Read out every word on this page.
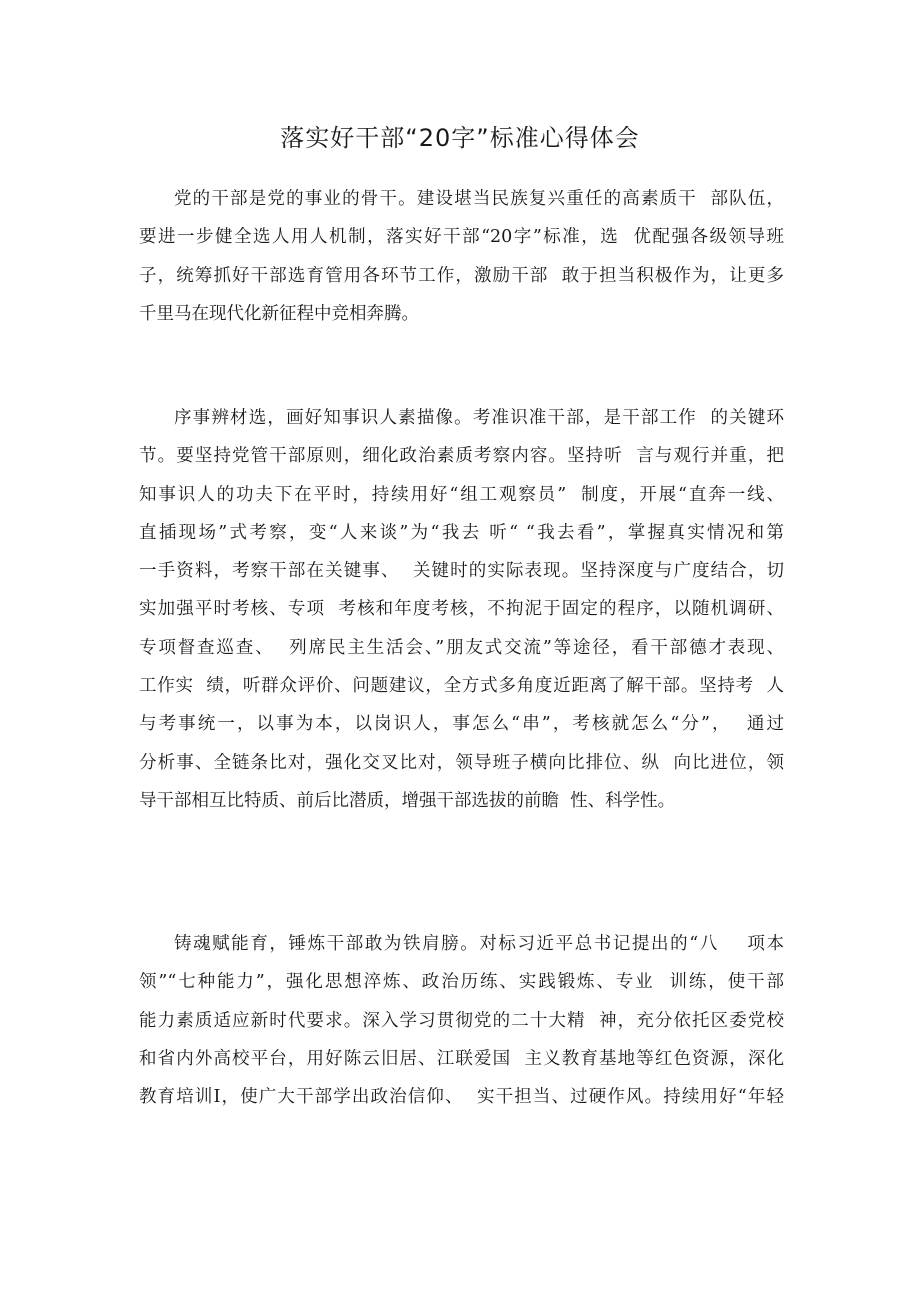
落实好干部“20字”标准心得体会
党的干部是党的事业的骨干。建设堪当民族复兴重任的高素质干  部队伍，
要进一步健全选人用人机制，落实好干部“20字”标准，选  优配强各级领导班
子，统筹抓好干部选育管用各环节工作，激励干部  敢于担当积极作为，让更多
千里马在现代化新征程中竞相奔腾。
序事辨材选，画好知事识人素描像。考准识准干部，是干部工作  的关键环
节。要坚持党管干部原则，细化政治素质考察内容。坚持听  言与观行并重，把
知事识人的功夫下在平时，持续用好“组工观察员”  制度，开展“直奔一线、
直插现场”式考察，变“人来谈”为“我去 听“ “我去看”，掌握真实情况和第
一手资料，考察干部在关键事、  关键时的实际表现。坚持深度与广度结合，切
实加强平时考核、专项  考核和年度考核，不拘泥于固定的程序，以随机调研、
专项督查巡查、  列席民主生活会、”朋友式交流”等途径，看干部德才表现、
工作实  绩，听群众评价、问题建议，全方式多角度近距离了解干部。坚持考  人
与考事统一，以事为本，以岗识人，事怎么“串”，考核就怎么“分”，  通过
分析事、全链条比对，强化交叉比对，领导班子横向比排位、纵  向比进位，领
导干部相互比特质、前后比潜质，增强干部选拔的前瞻  性、科学性。
铸魂赋能育，锤炼干部敢为铁肩膀。对标习近平总书记提出的“八    项本
领”“七种能力”，强化思想淬炼、政治历练、实践锻炼、专业  训练，使干部
能力素质适应新时代要求。深入学习贯彻党的二十大精  神，充分依托区委党校
和省内外高校平台，用好陈云旧居、江联爱国  主义教育基地等红色资源，深化
教育培训Ⅰ，使广大干部学出政治信仰、  实干担当、过硬作风。持续用好“年轻
